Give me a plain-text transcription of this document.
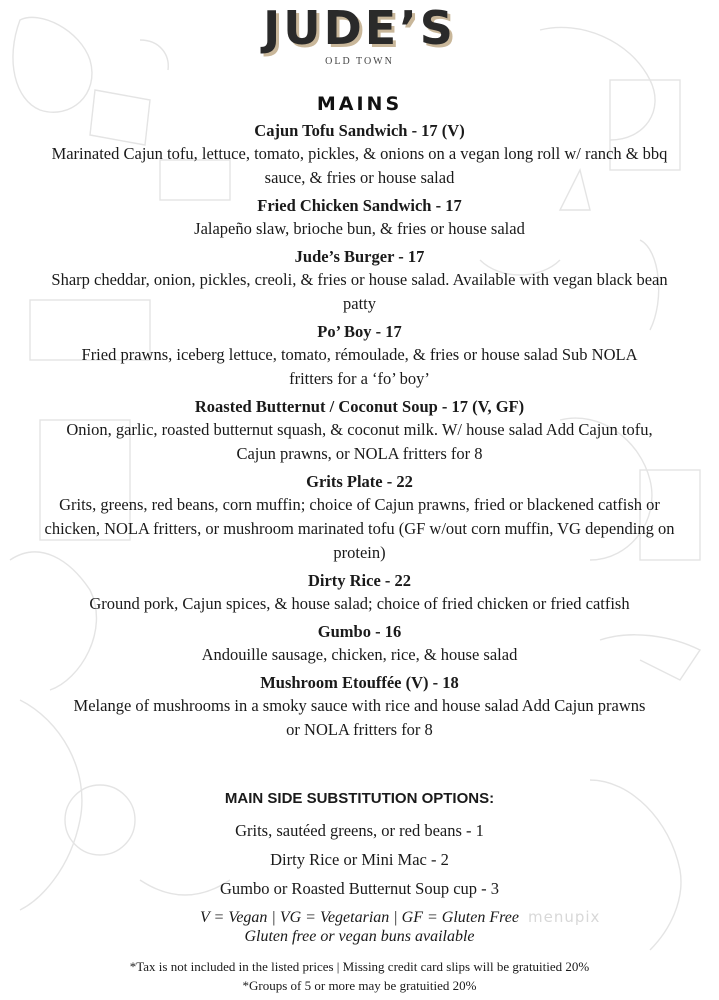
JUDE’S
OLD TOWN
MAINS
Cajun Tofu Sandwich - 17 (V)
Marinated Cajun tofu, lettuce, tomato, pickles, & onions on a vegan long roll w/ ranch & bbq sauce, & fries or house salad
Fried Chicken Sandwich - 17
Jalapeño slaw, brioche bun, & fries or house salad
Jude’s Burger - 17
Sharp cheddar, onion, pickles, creoli, & fries or house salad. Available with vegan black bean patty
Po’ Boy - 17
Fried prawns, iceberg lettuce, tomato, rémoulade, & fries or house salad Sub NOLA fritters for a ‘fo’ boy’
Roasted Butternut / Coconut Soup - 17 (V, GF)
Onion, garlic, roasted butternut squash, & coconut milk. W/ house salad Add Cajun tofu, Cajun prawns, or NOLA fritters for 8
Grits Plate - 22
Grits, greens, red beans, corn muffin; choice of Cajun prawns, fried or blackened catfish or chicken, NOLA fritters, or mushroom marinated tofu (GF w/out corn muffin, VG depending on protein)
Dirty Rice - 22
Ground pork, Cajun spices, & house salad; choice of fried chicken or fried catfish
Gumbo - 16
Andouille sausage, chicken, rice, & house salad
Mushroom Etouffée (V) - 18
Melange of mushrooms in a smoky sauce with rice and house salad Add Cajun prawns or NOLA fritters for 8
MAIN SIDE SUBSTITUTION OPTIONS:
Grits, sautéed greens, or red beans - 1
Dirty Rice or Mini Mac - 2
Gumbo or Roasted Butternut Soup cup - 3
V = Vegan | VG = Vegetarian | GF = Gluten Free
Gluten free or vegan buns available
menupix
*Tax is not included in the listed prices | Missing credit card slips will be gratuitied 20%
*Groups of 5 or more may be gratuitied 20%
